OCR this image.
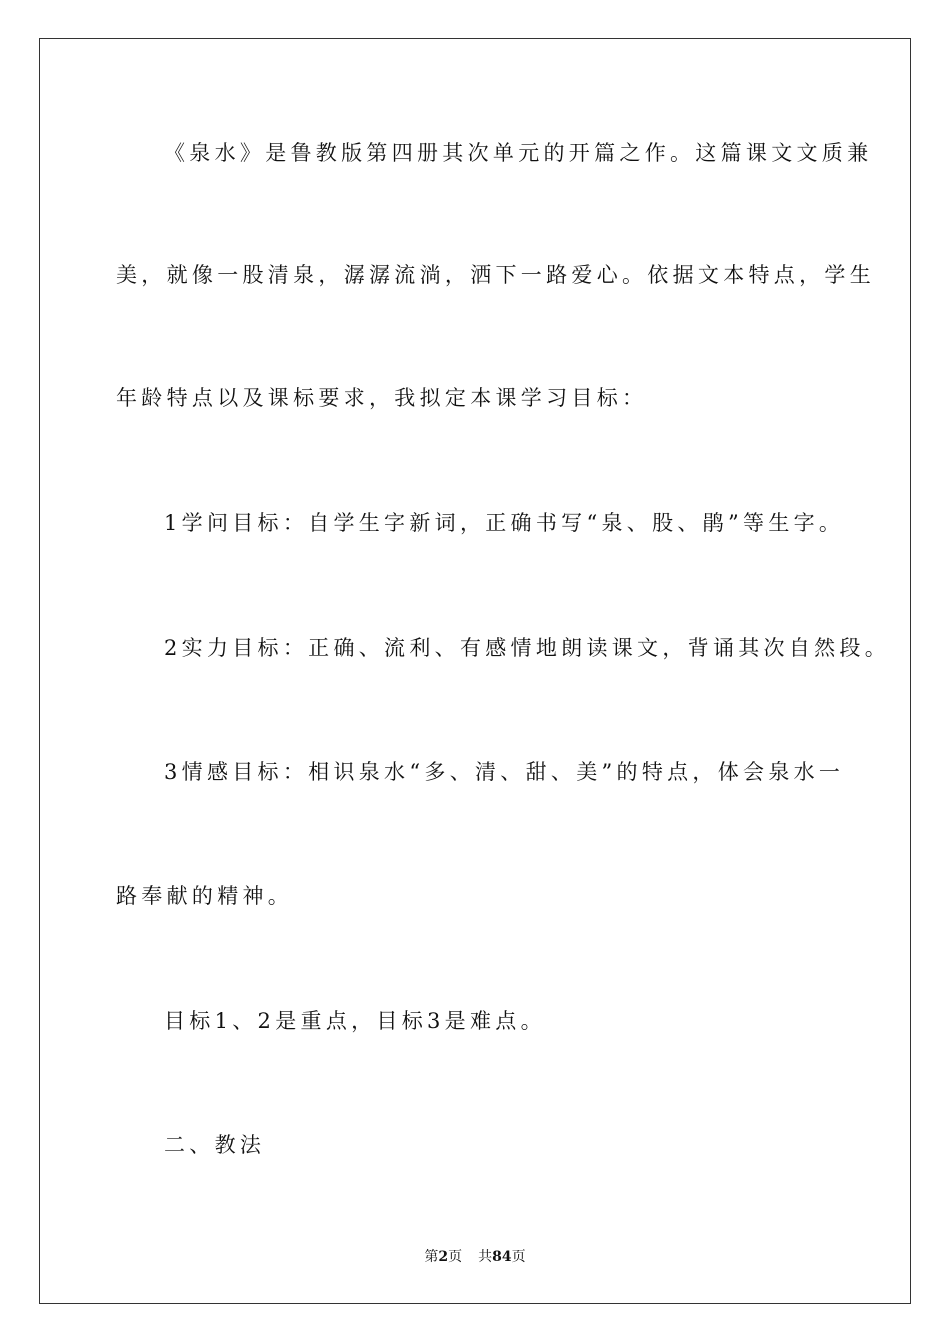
《泉水》是鲁教版第四册其次单元的开篇之作。这篇课文文质兼
美，就像一股清泉，潺潺流淌，洒下一路爱心。依据文本特点，学生
年龄特点以及课标要求，我拟定本课学习目标：
1学问目标：自学生字新词，正确书写“泉、股、鹃”等生字。
2实力目标：正确、流利、有感情地朗读课文，背诵其次自然段。
3情感目标：相识泉水“多、清、甜、美”的特点，体会泉水一
路奉献的精神。
目标1、2是重点，目标3是难点。
二、教法
第2页 共84页
